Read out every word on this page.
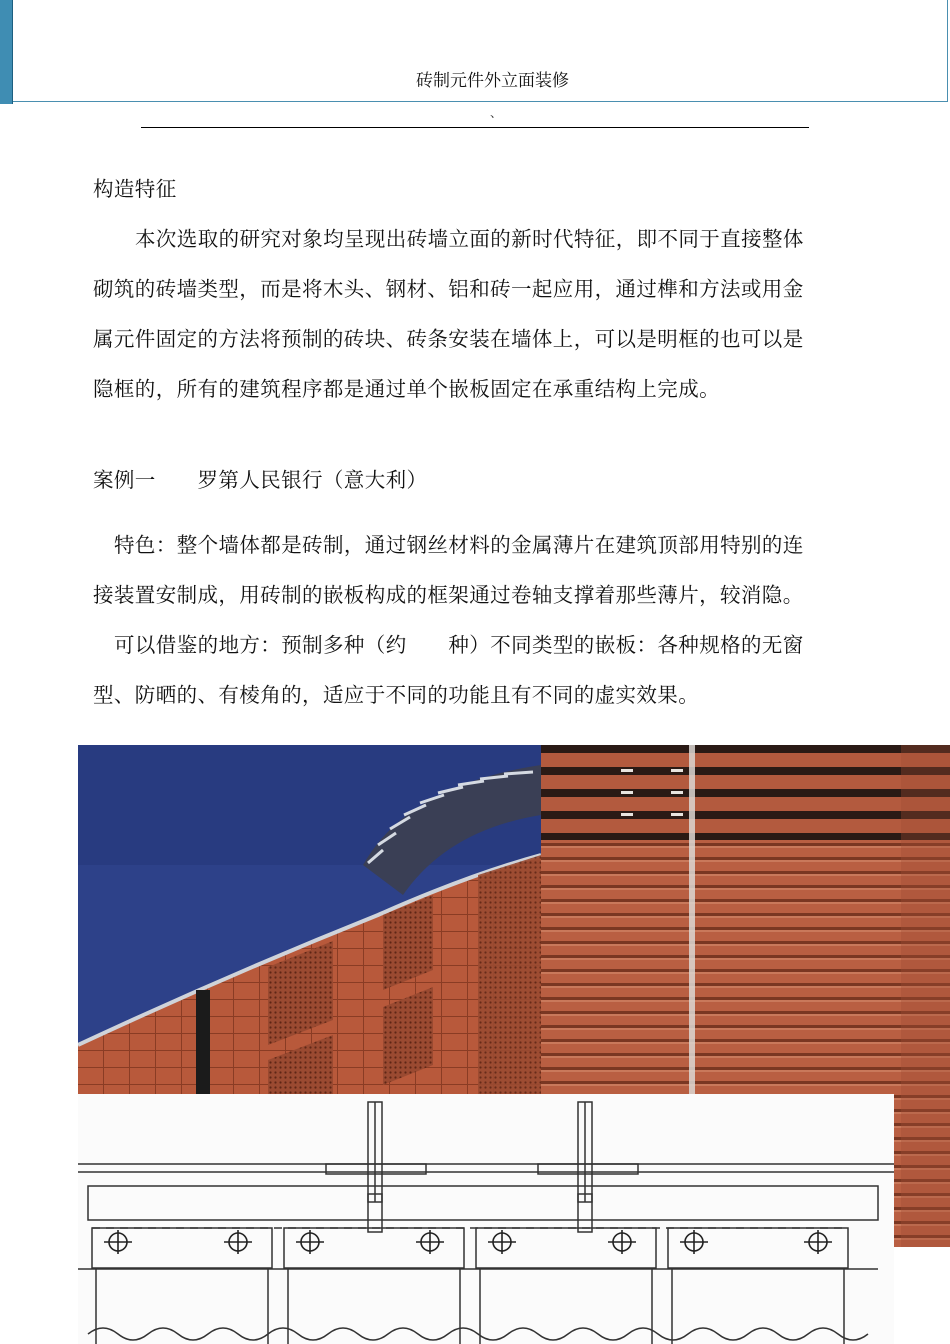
砖制元件外立面装修
、
构造特征
本次选取的研究对象均呈现出砖墙立面的新时代特征，即不同于直接整体
砌筑的砖墙类型，而是将木头、钢材、铝和砖一起应用，通过榫和方法或用金
属元件固定的方法将预制的砖块、砖条安装在墙体上，可以是明框的也可以是
隐框的，所有的建筑程序都是通过单个嵌板固定在承重结构上完成。
案例一　　罗第人民银行（意大利）
特色：整个墙体都是砖制，通过钢丝材料的金属薄片在建筑顶部用特别的连
接装置安制成，用砖制的嵌板构成的框架通过卷轴支撑着那些薄片，较消隐。
可以借鉴的地方：预制多种（约　　种）不同类型的嵌板：各种规格的无窗
型、防晒的、有棱角的，适应于不同的功能且有不同的虚实效果。
